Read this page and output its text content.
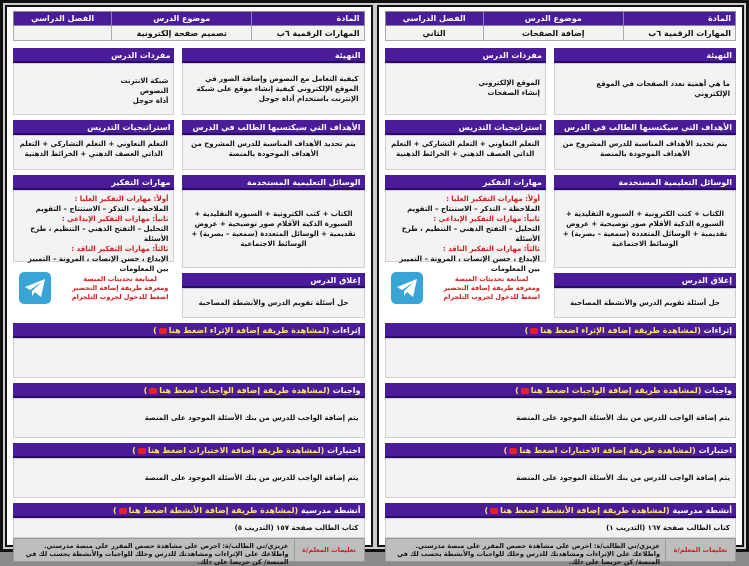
المادة	موضوع الدرس	الفصل الدراسي
المهارات الرقمية ٦ب	تصميم صفحة إلكترونية	
التهيئة
كيفية التعامل مع النصوص وإضافة الصور في الموقع الإلكتروني كيفية إنشاء موقع على شبكة الإنترنت باستخدام أداة جوجل
الأهداف التي سيكتسبها الطالب في الدرس
يتم تحديد الأهداف المناسبة للدرس المشروح من الأهداف الموجودة بالمنصة
الوسائل التعليمية المستخدمة
الكتاب + كتب الكترونية + السبورة التقليدية + السبورة الذكية الأقلام صور توضيحية + عروض تقديمية + الوسائل المتعددة (سمعية – بصرية) + الوسائط الاجتماعية
إغلاق الدرس
حل أسئلة تقويم الدرس والأنشطة المصاحبة
مفردات الدرس
شبكة الانترنت
النصوص
أداة جوجل
استراتيجيات التدريس
التعلم التعاوني + التعلم التشاركي + التعلم الذاتي العصف الذهني + الخرائط الذهنية
مهارات التفكير
أولاً: مهارات التفكير العليا :
الملاحظة – التذكر – الاستنتاج – التقويم
ثانياً: مهارات التفكير الإبداعي :
التحليل – التفتح الذهني – التنظيم ، طرح الأسئلة
ثالثاً: مهارات التفكير الناقد :
الإبداع ، حسن الإنصات ، المرونة – التمييز بين المعلومات
لمتابعة تحديثات المنصة
ومعرفة طريقة إضافة التحضير
اضغط للدخول لجروب التلجرام
إثراءات (لمشاهدة طريقة إضافة الإثراء اضغط هنا)
واجبات (لمشاهدة طريقة إضافة الواجبات اضغط هنا)
يتم إضافة الواجب للدرس من بنك الأسئلة الموجود على المنصة
اختبارات (لمشاهدة طريقة إضافة الاختبارات اضغط هنا)
يتم إضافة الواجب للدرس من بنك الأسئلة الموجود على المنصة
أنشطة مدرسية (لمشاهدة طريقة إضافة الأنشطة اضغط هنا)
كتاب الطالب صفحة ١٥٧ (التدريب ٥)
تعليمات المعلم/ة
عزيزي/تي الطالب/ة: احرص على مشاهدة حصص المقرر على منصة مدرستي.
واطلاعك على الإثراءات ومشاهدتك للدرس وحلك للواجبات والأنشطة يحسب لك في المنصة/ كن حريصا على ذلك.
المادة	موضوع الدرس	الفصل الدراسي
المهارات الرقمية ٦ب	إضافة الصفحات	الثاني
التهيئة
ما هي أهمية تعدد الصفحات في الموقع الإلكتروني
الأهداف التي سيكتسبها الطالب في الدرس
يتم تحديد الأهداف المناسبة للدرس المشروح من الأهداف الموجودة بالمنصة
الوسائل التعليمية المستخدمة
الكتاب + كتب الكترونية + السبورة التقليدية + السبورة الذكية الأقلام صور توضيحية + عروض تقديمية + الوسائل المتعددة (سمعية – بصرية) + الوسائط الاجتماعية
إغلاق الدرس
حل أسئلة تقويم الدرس والأنشطة المصاحبة
مفردات الدرس
الموقع الإلكتروني
إنشاء الصفحات
استراتيجيات التدريس
التعلم التعاوني + التعلم التشاركي + التعلم الذاتي العصف الذهني + الخرائط الذهنية
مهارات التفكير
أولاً: مهارات التفكير العليا :
الملاحظة – التذكر – الاستنتاج – التقويم
ثانياً: مهارات التفكير الإبداعي :
التحليل – التفتح الذهني – التنظيم ، طرح الأسئلة
ثالثاً: مهارات التفكير الناقد :
الإبداع ، حسن الإنصات ، المرونة – التمييز بين المعلومات
لمتابعة تحديثات المنصة
ومعرفة طريقة إضافة التحضير
اضغط للدخول لجروب التلجرام
إثراءات (لمشاهدة طريقة إضافة الإثراء اضغط هنا)
واجبات (لمشاهدة طريقة إضافة الواجبات اضغط هنا)
يتم إضافة الواجب للدرس من بنك الأسئلة الموجود على المنصة
اختبارات (لمشاهدة طريقة إضافة الاختبارات اضغط هنا)
يتم إضافة الواجب للدرس من بنك الأسئلة الموجود على المنصة
أنشطة مدرسية (لمشاهدة طريقة إضافة الأنشطة اضغط هنا)
كتاب الطالب صفحة ١٦٧ (التدريب ١)
تعليمات المعلم/ة
عزيزي/تي الطالب/ة: احرص على مشاهدة حصص المقرر على منصة مدرستي.
واطلاعك على الإثراءات ومشاهدتك للدرس وحلك للواجبات والأنشطة يحسب لك في المنصة/ كن حريصا على ذلك.
